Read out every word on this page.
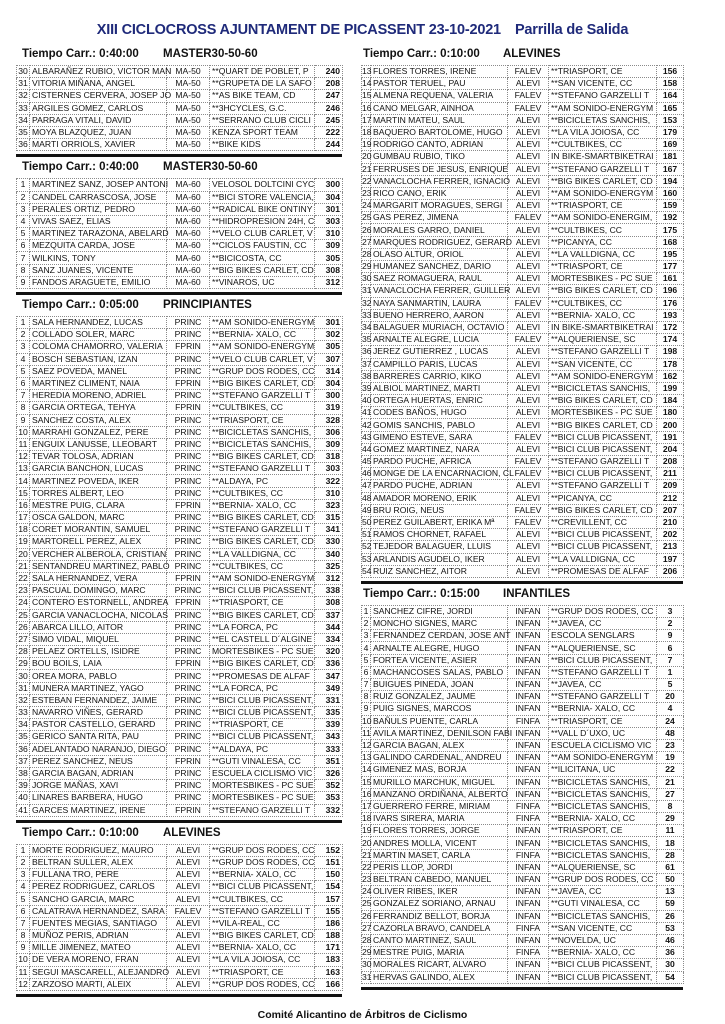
XIII CICLOCROSS AJUNTAMENT DE PICASSENT 23-10-2021 Parrilla de Salida
Tiempo Carr.: 0:40:00	MASTER30-50-60
30	ALBARAÑEZ RUBIO, VICTOR MAN	MA-50	**QUART DE POBLET, P	240
31	VITORIA MIÑANA, ANGEL	MA-50	**GRUPETA DE LA SAFO	208
32	CISTERNES CERVERA, JOSEP JO	MA-50	**AS BIKE TEAM, CD	247
33	ARGILES GOMEZ, CARLOS	MA-50	**3HCYCLES, G.C.	246
34	PARRAGA VITALI, DAVID	MA-50	**SERRANO CLUB CICLI	245
35	MOYA BLAZQUEZ, JUAN	MA-50	KENZA SPORT TEAM	222
36	MARTI ORRIOLS, XAVIER	MA-50	**BIKE KIDS	244
Tiempo Carr.: 0:40:00	MASTER30-50-60
1	MARTINEZ SANZ, JOSEP ANTONI	MA-60	VELOSOL DOLTCINI CYC	300
2	CANDEL CARRASCOSA, JOSE	MA-60	**BICI STORE VALENCIA,	304
3	PERALES ORTIZ, PEDRO	MA-60	**RADICAL BIKE ONTINY	301
4	VIVAS SAEZ, ELIAS	MA-60	**HIDROPRESION 24H, C	303
5	MARTINEZ TARAZONA, ABELARD	MA-60	**VELO CLUB CARLET, V	310
6	MEZQUITA CARDA, JOSE	MA-60	**CICLOS FAUSTIN, CC	309
7	WILKINS, TONY	MA-60	**BICICOSTA, CC	305
8	SANZ JUANES, VICENTE	MA-60	**BIG BIKES CARLET, CD	308
9	FANDOS ARAGUETE, EMILIO	MA-60	**VINAROS, UC	312
Tiempo Carr.: 0:05:00	PRINCIPIANTES
1	SALA HERNANDEZ, LUCAS	PRINC	**AM SONIDO-ENERGYM	301
2	COLLADO SOLER, MARC	PRINC	**BERNIA- XALO, CC	302
3	COLOMA CHAMORRO, VALERIA	FPRIN	**AM SONIDO-ENERGYM	305
4	BOSCH SEBASTIAN, IZAN	PRINC	**VELO CLUB CARLET, V	307
5	SAEZ POVEDA, MANEL	PRINC	**GRUP DOS RODES, CC	314
6	MARTINEZ CLIMENT, NAIA	FPRIN	**BIG BIKES CARLET, CD	304
7	HEREDIA MORENO, ADRIEL	PRINC	**STEFANO GARZELLI T	300
8	GARCIA ORTEGA, TEHYA	FPRIN	**CULTBIKES, CC	319
9	SANCHEZ COSTA, ALEX	PRINC	**TRIASPORT, CE	328
10	MARRAHI GONZALEZ, PERE	PRINC	**BICICLETAS SANCHIS,	306
11	ENGUIX LANUSSE, LLEOBART	PRINC	**BICICLETAS SANCHIS,	309
12	TEVAR TOLOSA, ADRIAN	PRINC	**BIG BIKES CARLET, CD	318
13	GARCIA BANCHON, LUCAS	PRINC	**STEFANO GARZELLI T	303
14	MARTINEZ POVEDA, IKER	PRINC	**ALDAYA, PC	322
15	TORRES ALBERT, LEO	PRINC	**CULTBIKES, CC	310
16	MESTRE PUIG, CLARA	FPRIN	**BERNIA- XALO, CC	323
17	OSCA GALDON, MARC	PRINC	**BIG BIKES CARLET, CD	315
18	CORET MORANTIN, SAMUEL	PRINC	**STEFANO GARZELLI T	341
19	MARTORELL PEREZ, ALEX	PRINC	**BIG BIKES CARLET, CD	330
20	VERCHER ALBEROLA, CRISTIAN	PRINC	**LA VALLDIGNA, CC	340
21	SENTANDREU MARTINEZ, PABLO	PRINC	**CULTBIKES, CC	325
22	SALA HERNANDEZ, VERA	FPRIN	**AM SONIDO-ENERGYM	312
23	PASCUAL DOMINGO, MARC	PRINC	**BICI CLUB PICASSENT,	338
24	CONTERO ESTORNELL, ANDREA	FPRIN	**TRIASPORT, CE	308
25	GARCIA VANACLOCHA, NICOLAS	PRINC	**BIG BIKES CARLET, CD	337
26	ABARCA LILLO, AITOR	PRINC	**LA FORCA, PC	344
27	SIMO VIDAL, MIQUEL	PRINC	**EL CASTELL D´ALGINE	334
28	PELAEZ ORTELLS, ISIDRE	PRINC	MORTESBIKES - PC SUE	320
29	BOU BOILS, LAIA	FPRIN	**BIG BIKES CARLET, CD	336
30	OREA MORA, PABLO	PRINC	**PROMESAS DE ALFAF	347
31	MUNERA MARTINEZ, YAGO	PRINC	**LA FORCA, PC	349
32	ESTEBAN FERNANDEZ, JAIME	PRINC	**BICI CLUB PICASSENT,	331
33	NAVARRO VIÑES, GERARD	PRINC	**BICI CLUB PICASSENT,	335
34	PASTOR CASTELLO, GERARD	PRINC	**TRIASPORT, CE	339
35	GERICO SANTA RITA, PAU	PRINC	**BICI CLUB PICASSENT,	343
36	ADELANTADO NARANJO, DIEGO	PRINC	**ALDAYA, PC	333
37	PEREZ SANCHEZ, NEUS	FPRIN	**GUTI VINALESA, CC	351
38	GARCIA BAGAN, ADRIAN	PRINC	ESCUELA CICLISMO VIC	326
39	JORGE MAÑAS, XAVI	PRINC	MORTESBIKES - PC SUE	352
40	LINARES BARBERA, HUGO	PRINC	MORTESBIKES - PC SUE	353
41	GARCES MARTINEZ, IRENE	FPRIN	**STEFANO GARZELLI T	332
Tiempo Carr.: 0:10:00	ALEVINES
1	MORTE RODRIGUEZ, MAURO	ALEVI	**GRUP DOS RODES, CC	152
2	BELTRAN SULLER, ALEX	ALEVI	**GRUP DOS RODES, CC	151
3	FULLANA TRO, PERE	ALEVI	**BERNIA- XALO, CC	150
4	PEREZ RODRIGUEZ, CARLOS	ALEVI	**BICI CLUB PICASSENT,	154
5	SANCHO GARCIA, MARC	ALEVI	**CULTBIKES, CC	157
6	CALATRAVA HERNANDEZ, SARA	FALEV	**STEFANO GARZELLI T	155
7	FUENTES MEGIAS, SANTIAGO	ALEVI	**VILA-REAL, CC	186
8	MUÑOZ PERIS, ADRIAN	ALEVI	**BIG BIKES CARLET, CD	188
9	MILLE JIMENEZ, MATEO	ALEVI	**BERNIA- XALO, CC	171
10	DE VERA MORENO, FRAN	ALEVI	**LA VILA JOIOSA, CC	183
11	SEGUI MASCARELL, ALEJANDRO	ALEVI	**TRIASPORT, CE	163
12	ZARZOSO MARTI, ALEIX	ALEVI	**GRUP DOS RODES, CC	166
Tiempo Carr.: 0:10:00	ALEVINES
13	FLORES TORRES, IRENE	FALEV	**TRIASPORT, CE	156
14	PASTOR TERUEL, PAU	ALEVI	**SAN VICENTE, CC	158
15	ALMENA REQUENA, VALERIA	FALEV	**STEFANO GARZELLI T	164
16	CANO MELGAR, AINHOA	FALEV	**AM SONIDO-ENERGYM	165
17	MARTIN MATEU, SAUL	ALEVI	**BICICLETAS SANCHIS,	153
18	BAQUERO BARTOLOME, HUGO	ALEVI	**LA VILA JOIOSA, CC	179
19	RODRIGO CANTO, ADRIAN	ALEVI	**CULTBIKES, CC	169
20	GUMBAU RUBIO, TIKO	ALEVI	IN BIKE-SMARTBIKETRAI	181
21	FERRUSES DE JESUS, ENRIQUE	ALEVI	**STEFANO GARZELLI T	167
22	VANACLOCHA FERRER, IGNACIO	ALEVI	**BIG BIKES CARLET, CD	194
23	RICO CANO, ERIK	ALEVI	**AM SONIDO-ENERGYM	160
24	MARGARIT MORAGUES, SERGI	ALEVI	**TRIASPORT, CE	159
25	GAS PEREZ, JIMENA	FALEV	**AM SONIDO-ENERGIM,	192
26	MORALES GARRO, DANIEL	ALEVI	**CULTBIKES, CC	175
27	MARQUES RODRIGUEZ, GERARD	ALEVI	**PICANYA, CC	168
28	OLASO ALTUR, ORIOL	ALEVI	**LA VALLDIGNA, CC	195
29	HUMANEZ SANCHEZ, DARIO	ALEVI	**TRIASPORT, CE	177
30	SAEZ ROMAGUERA, RAUL	ALEVI	MORTESBIKES - PC SUE	161
31	VANACLOCHA FERRER, GUILLER	ALEVI	**BIG BIKES CARLET, CD	196
32	NAYA SANMARTIN, LAURA	FALEV	**CULTBIKES, CC	176
33	BUENO HERRERO, AARON	ALEVI	**BERNIA- XALO, CC	193
34	BALAGUER MURIACH, OCTAVIO	ALEVI	IN BIKE-SMARTBIKETRAI	172
35	ARNALTE ALEGRE, LUCIA	FALEV	**ALQUERIENSE, SC	174
36	JEREZ GUTIERREZ , LUCAS	ALEVI	**STEFANO GARZELLI T	198
37	CAMPILLO PARIS, LUCAS	ALEVI	**SAN VICENTE, CC	178
38	BARRERES CARRIO, KIKO	ALEVI	**AM SONIDO-ENERGYM	162
39	ALBIOL MARTINEZ, MARTI	ALEVI	**BICICLETAS SANCHIS,	199
40	ORTEGA HUERTAS, ENRIC	ALEVI	**BIG BIKES CARLET, CD	184
41	CODES BAÑOS, HUGO	ALEVI	MORTESBIKES - PC SUE	180
42	GOMIS SANCHIS, PABLO	ALEVI	**BIG BIKES CARLET, CD	200
43	GIMENO ESTEVE, SARA	FALEV	**BICI CLUB PICASSENT,	191
44	GOMEZ MARTINEZ, NARA	ALEVI	**BICI CLUB PICASSENT,	204
45	PARDO PUCHE, AFRICA	FALEV	**STEFANO GARZELLI T	208
46	MONGE DE LA ENCARNACION, CL	FALEV	**BICI CLUB PICASSENT,	211
47	PARDO PUCHE, ADRIAN	ALEVI	**STEFANO GARZELLI T	209
48	AMADOR MORENO, ERIK	ALEVI	**PICANYA, CC	212
49	BRU ROIG, NEUS	FALEV	**BIG BIKES CARLET, CD	207
50	PEREZ GUILABERT, ERIKA Mª	FALEV	**CREVILLENT, CC	210
51	RAMOS CHORNET, RAFAEL	ALEVI	**BICI CLUB PICASSENT,	202
52	TEJEDOR BALAGUER, LLUIS	ALEVI	**BICI CLUB PICASSENT,	213
53	ARLANDIS AGUDELO, IKER	ALEVI	**LA VALLDIGNA, CC	197
54	RUIZ SANCHEZ, AITOR	ALEVI	**PROMESAS DE ALFAF	206
Tiempo Carr.: 0:15:00	INFANTILES
1	SANCHEZ CIFRE, JORDI	INFAN	**GRUP DOS RODES, CC	3
2	MONCHO SIGNES, MARC	INFAN	**JAVEA, CC	2
3	FERNANDEZ CERDAN, JOSE ANT	INFAN	ESCOLA SENGLARS	9
4	ARNALTE ALEGRE, HUGO	INFAN	**ALQUERIENSE, SC	6
5	FORTEA VICENTE, ASIER	INFAN	**BICI CLUB PICASSENT,	7
6	MACHANCOSES SALAS, PABLO	INFAN	**STEFANO GARZELLI T	1
7	BUIGUES PINEDA, JOAN	INFAN	**JAVEA, CC	5
8	RUIZ GONZALEZ, JAUME	INFAN	**STEFANO GARZELLI T	20
9	PUIG SIGNES, MARCOS	INFAN	**BERNIA- XALO, CC	4
10	BAÑULS PUENTE, CARLA	FINFA	**TRIASPORT, CE	24
11	AVILA MARTINEZ, DENILSON FABI	INFAN	**VALL D´UXO, UC	48
12	GARCIA BAGAN, ALEX	INFAN	ESCUELA CICLISMO VIC	23
13	GALINDO CARDENAL, ANDREU	INFAN	**AM SONIDO-ENERGYM	19
14	GIMENEZ MAS, BORJA	INFAN	**ILICITANA, UC	22
15	MURILLO MARCHUK, MIGUEL	INFAN	**BICICLETAS SANCHIS,	21
16	MANZANO ORDIÑANA, ALBERTO	INFAN	**BICICLETAS SANCHIS,	27
17	GUERRERO FERRE, MIRIAM	FINFA	**BICICLETAS SANCHIS,	8
18	IVARS SIRERA, MARIA	FINFA	**BERNIA- XALO, CC	29
19	FLORES TORRES, JORGE	INFAN	**TRIASPORT, CE	11
20	ANDRES MOLLA, VICENT	INFAN	**BICICLETAS SANCHIS,	18
21	MARTIN MASET, CARLA	FINFA	**BICICLETAS SANCHIS,	28
22	PERIS LLOP, JORDI	INFAN	**ALQUERIENSE, SC	61
23	BELTRAN CABEDO, MANUEL	INFAN	**GRUP DOS RODES, CC	50
24	OLIVER RIBES, IKER	INFAN	**JAVEA, CC	13
25	GONZALEZ SORIANO, ARNAU	INFAN	**GUTI VINALESA, CC	59
26	FERRANDIZ BELLOT, BORJA	INFAN	**BICICLETAS SANCHIS,	26
27	CAZORLA BRAVO, CANDELA	FINFA	**SAN VICENTE, CC	53
28	CANTO MARTINEZ, SAUL	INFAN	**NOVELDA, UC	46
29	MESTRE PUIG, MARIA	FINFA	**BERNIA- XALO, CC	36
30	MORALES RICART, ALVARO	INFAN	**BICI CLUB PICASSENT,	30
31	HERVAS GALINDO, ALEX	INFAN	**BICI CLUB PICASSENT,	54
Comité Alicantino de Árbitros de Ciclismo
